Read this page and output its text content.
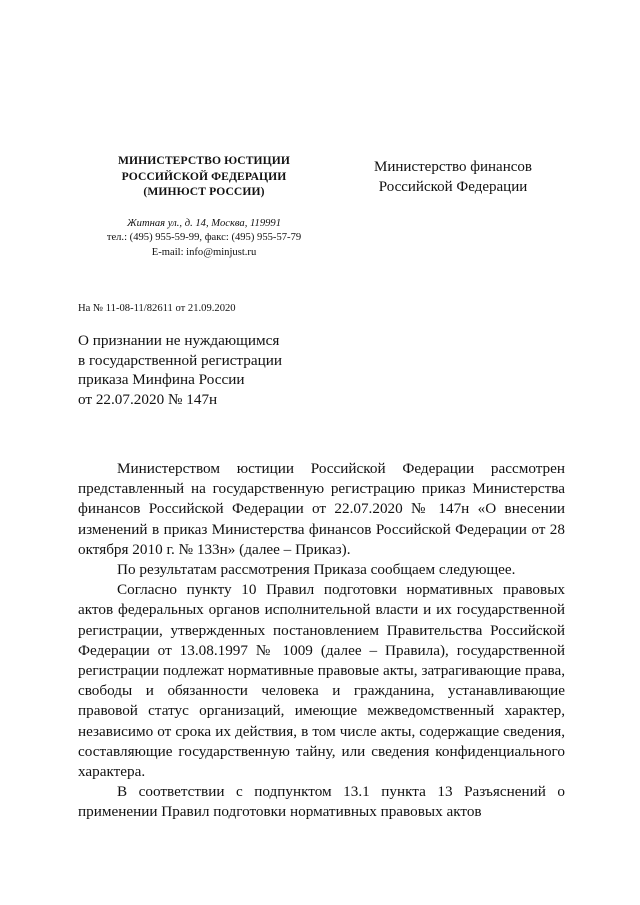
МИНИСТЕРСТВО ЮСТИЦИИ
РОССИЙСКОЙ ФЕДЕРАЦИИ
(МИНЮСТ РОССИИ)
Житная ул., д. 14, Москва, 119991
тел.: (495) 955-59-99, факс: (495) 955-57-79
E-mail: info@minjust.ru
Министерство финансов
Российской Федерации
На № 11-08-11/82611 от 21.09.2020
О признании не нуждающимся
в государственной регистрации
приказа Минфина России
от 22.07.2020 № 147н

Министерством юстиции Российской Федерации рассмотрен представленный на государственную регистрацию приказ Министерства финансов Российской Федерации от 22.07.2020 № 147н «О внесении изменений в приказ Министерства финансов Российской Федерации от 28 октября 2010 г. № 133н» (далее – Приказ).

По результатам рассмотрения Приказа сообщаем следующее.

Согласно пункту 10 Правил подготовки нормативных правовых актов федеральных органов исполнительной власти и их государственной регистрации, утвержденных постановлением Правительства Российской Федерации от 13.08.1997 № 1009 (далее – Правила), государственной регистрации подлежат нормативные правовые акты, затрагивающие права, свободы и обязанности человека и гражданина, устанавливающие правовой статус организаций, имеющие межведомственный характер, независимо от срока их действия, в том числе акты, содержащие сведения, составляющие государственную тайну, или сведения конфиденциального характера.

В соответствии с подпунктом 13.1 пункта 13 Разъяснений о применении Правил подготовки нормативных правовых актов
